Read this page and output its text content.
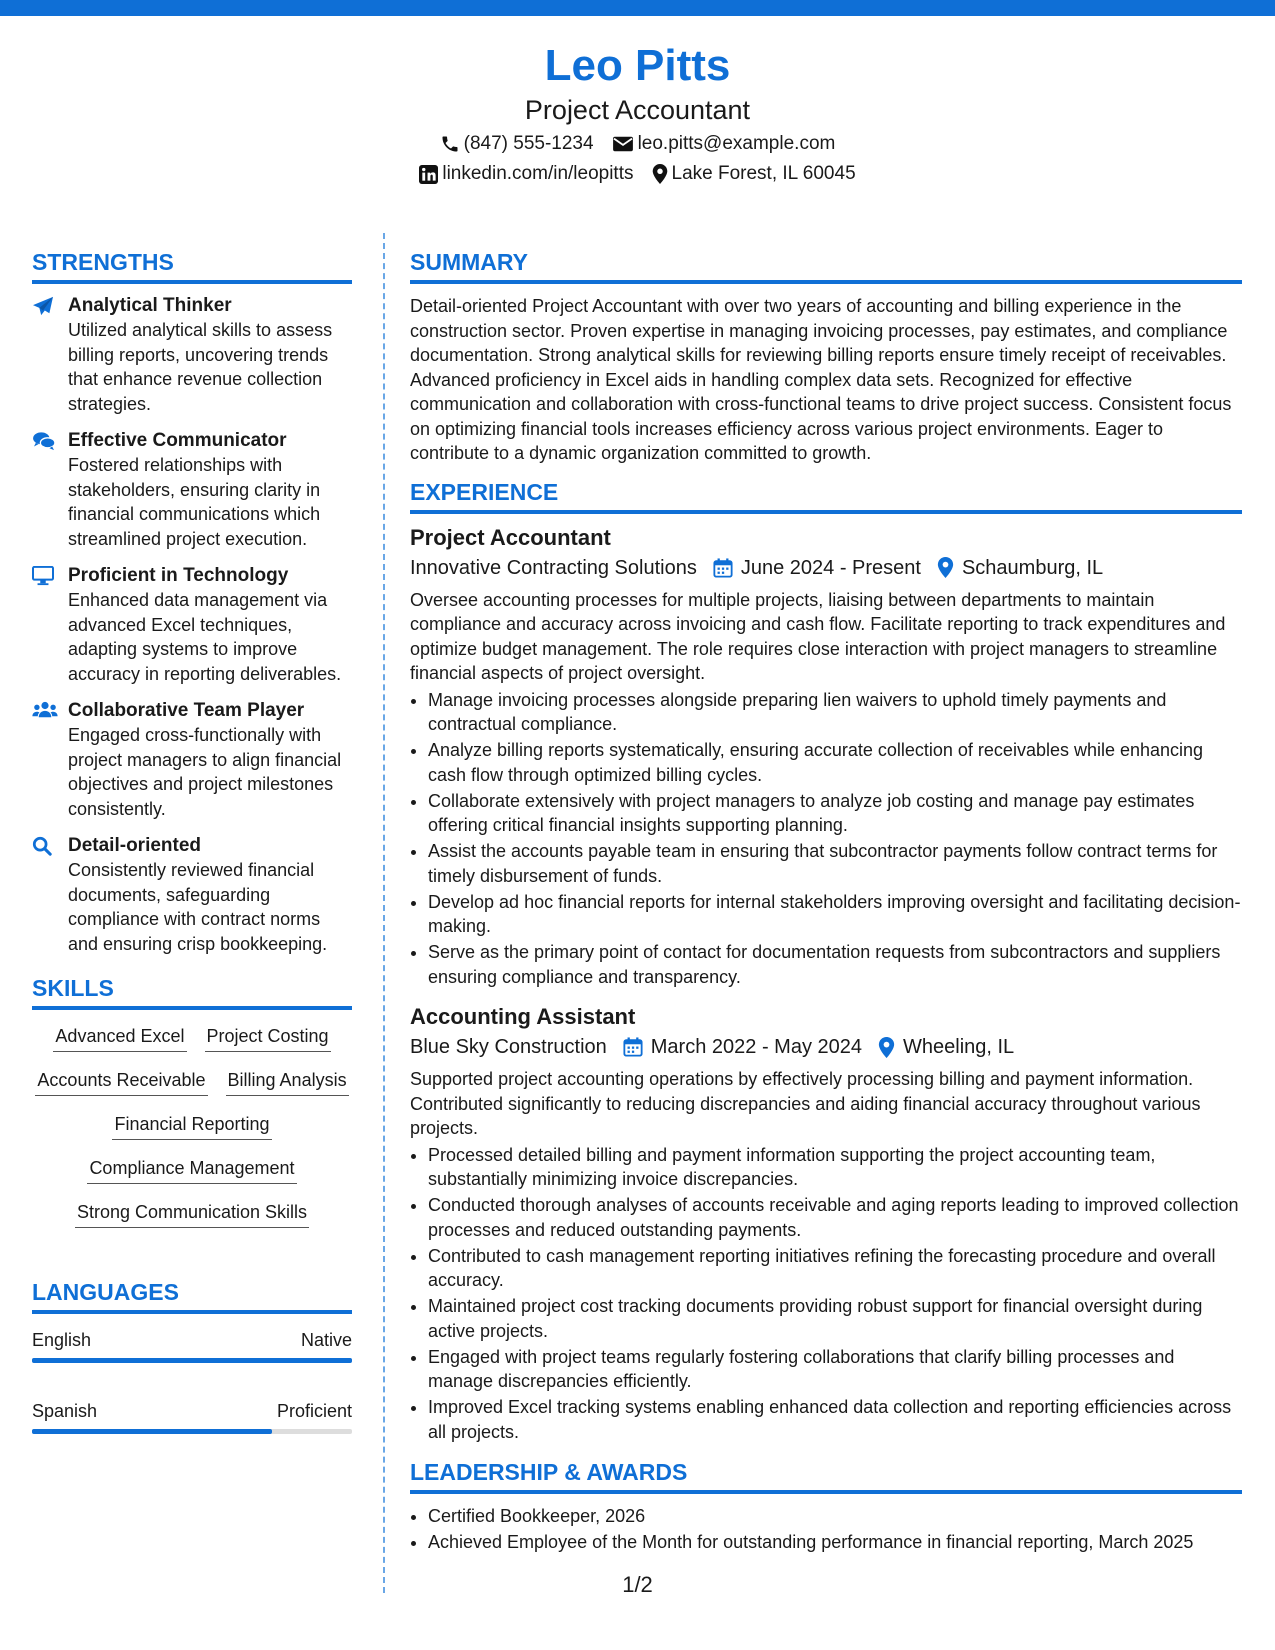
Leo Pitts
Project Accountant
(847) 555-1234 leo.pitts@example.com
linkedin.com/in/leopitts Lake Forest, IL 60045
STRENGTHS
Analytical Thinker
Utilized analytical skills to assess billing reports, uncovering trends that enhance revenue collection strategies.
Effective Communicator
Fostered relationships with stakeholders, ensuring clarity in financial communications which streamlined project execution.
Proficient in Technology
Enhanced data management via advanced Excel techniques, adapting systems to improve accuracy in reporting deliverables.
Collaborative Team Player
Engaged cross-functionally with project managers to align financial objectives and project milestones consistently.
Detail-oriented
Consistently reviewed financial documents, safeguarding compliance with contract norms and ensuring crisp bookkeeping.
SKILLS
Advanced Excel Project Costing
Accounts Receivable Billing Analysis
Financial Reporting
Compliance Management
Strong Communication Skills
LANGUAGES
English	Native
Spanish	Proficient
SUMMARY
Detail-oriented Project Accountant with over two years of accounting and billing experience in the construction sector. Proven expertise in managing invoicing processes, pay estimates, and compliance documentation. Strong analytical skills for reviewing billing reports ensure timely receipt of receivables. Advanced proficiency in Excel aids in handling complex data sets. Recognized for effective communication and collaboration with cross-functional teams to drive project success. Consistent focus on optimizing financial tools increases efficiency across various project environments. Eager to contribute to a dynamic organization committed to growth.
EXPERIENCE
Project Accountant
Innovative Contracting Solutions June 2024 - Present Schaumburg, IL
Oversee accounting processes for multiple projects, liaising between departments to maintain compliance and accuracy across invoicing and cash flow. Facilitate reporting to track expenditures and optimize budget management. The role requires close interaction with project managers to streamline financial aspects of project oversight.
• Manage invoicing processes alongside preparing lien waivers to uphold timely payments and contractual compliance.
• Analyze billing reports systematically, ensuring accurate collection of receivables while enhancing cash flow through optimized billing cycles.
• Collaborate extensively with project managers to analyze job costing and manage pay estimates offering critical financial insights supporting planning.
• Assist the accounts payable team in ensuring that subcontractor payments follow contract terms for timely disbursement of funds.
• Develop ad hoc financial reports for internal stakeholders improving oversight and facilitating decision-making.
• Serve as the primary point of contact for documentation requests from subcontractors and suppliers ensuring compliance and transparency.
Accounting Assistant
Blue Sky Construction March 2022 - May 2024 Wheeling, IL
Supported project accounting operations by effectively processing billing and payment information. Contributed significantly to reducing discrepancies and aiding financial accuracy throughout various projects.
• Processed detailed billing and payment information supporting the project accounting team, substantially minimizing invoice discrepancies.
• Conducted thorough analyses of accounts receivable and aging reports leading to improved collection processes and reduced outstanding payments.
• Contributed to cash management reporting initiatives refining the forecasting procedure and overall accuracy.
• Maintained project cost tracking documents providing robust support for financial oversight during active projects.
• Engaged with project teams regularly fostering collaborations that clarify billing processes and manage discrepancies efficiently.
• Improved Excel tracking systems enabling enhanced data collection and reporting efficiencies across all projects.
LEADERSHIP & AWARDS
• Certified Bookkeeper, 2026
• Achieved Employee of the Month for outstanding performance in financial reporting, March 2025
1/2
